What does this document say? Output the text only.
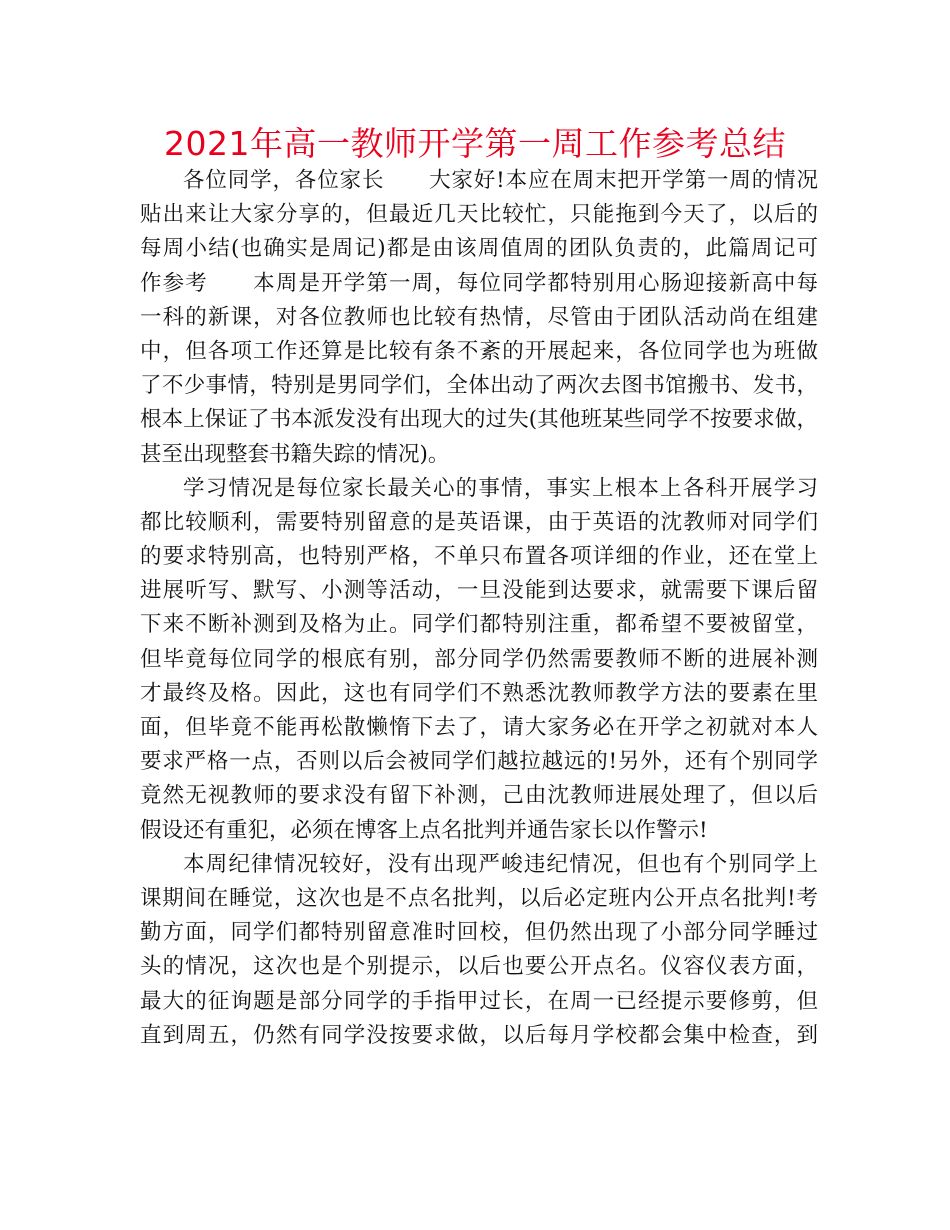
2021年高一教师开学第一周工作参考总结
各位同学，各位家长　　大家好!本应在周末把开学第一周的情况
贴出来让大家分享的，但最近几天比较忙，只能拖到今天了，以后的
每周小结(也确实是周记)都是由该周值周的团队负责的，此篇周记可
作参考　　本周是开学第一周，每位同学都特别用心肠迎接新高中每
一科的新课，对各位教师也比较有热情，尽管由于团队活动尚在组建
中，但各项工作还算是比较有条不紊的开展起来，各位同学也为班做
了不少事情，特别是男同学们，全体出动了两次去图书馆搬书、发书，
根本上保证了书本派发没有出现大的过失(其他班某些同学不按要求做，
甚至出现整套书籍失踪的情况)。
学习情况是每位家长最关心的事情，事实上根本上各科开展学习
都比较顺利，需要特别留意的是英语课，由于英语的沈教师对同学们
的要求特别高，也特别严格，不单只布置各项详细的作业，还在堂上
进展听写、默写、小测等活动，一旦没能到达要求，就需要下课后留
下来不断补测到及格为止。同学们都特别注重，都希望不要被留堂，
但毕竟每位同学的根底有别，部分同学仍然需要教师不断的进展补测
才最终及格。因此，这也有同学们不熟悉沈教师教学方法的要素在里
面，但毕竟不能再松散懒惰下去了，请大家务必在开学之初就对本人
要求严格一点，否则以后会被同学们越拉越远的!另外，还有个别同学
竟然无视教师的要求没有留下补测，己由沈教师进展处理了，但以后
假设还有重犯，必须在博客上点名批判并通告家长以作警示!
本周纪律情况较好，没有出现严峻违纪情况，但也有个别同学上
课期间在睡觉，这次也是不点名批判，以后必定班内公开点名批判!考
勤方面，同学们都特别留意准时回校，但仍然出现了小部分同学睡过
头的情况，这次也是个别提示，以后也要公开点名。仪容仪表方面，
最大的征询题是部分同学的手指甲过长，在周一已经提示要修剪，但
直到周五，仍然有同学没按要求做，以后每月学校都会集中检查，到
